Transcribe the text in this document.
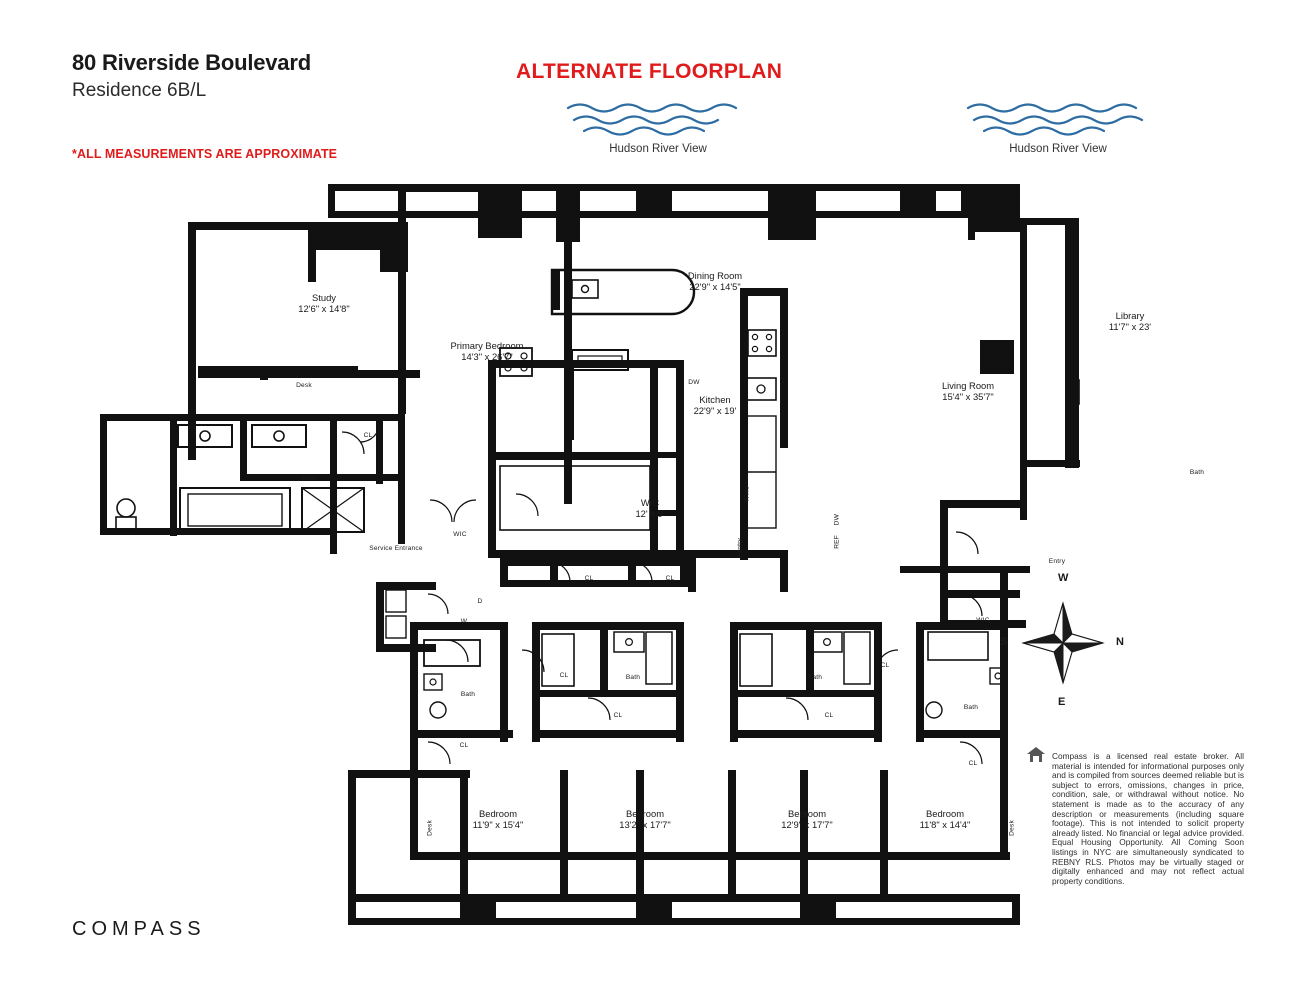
80 Riverside Boulevard
Residence 6B/L
*ALL MEASUREMENTS ARE APPROXIMATE
ALTERNATE FLOORPLAN
Hudson River View	Hudson River View
Study
12'6" x 14'8"
Dining Room
22'9" x 14'5"
Library
11'7" x 23'
Primary Bedroom
14'3" x 26'7"
Kitchen
22'9" x 19'
Living Room
15'4" x 35'7"
WIC
12' x 9'
Bedroom
11'9" x 15'4"
Bedroom
13'2" x 17'7"
Bedroom
12'9" x 17'7"
Bedroom
11'8" x 14'4"
Desk
Bath
CL
WIC
Service Entrance
DW
Wine
Pantry
DW
REF
Entry
Bath
CL	CL
W
D
Bath
CL
CL	Bath
CL
Bath
CL
CL
WIC
Bath
CL
Desk	Desk
W
N
E
S
Compass is a licensed real estate broker. All material is intended for informational purposes only and is compiled from sources deemed reliable but is subject to errors, omissions, changes in price, condition, sale, or withdrawal without notice. No statement is made as to the accuracy of any description or measurements (including square footage). This is not intended to solicit property already listed. No financial or legal advice provided. Equal Housing Opportunity. All Coming Soon listings in NYC are simultaneously syndicated to REBNY RLS. Photos may be virtually staged or digitally enhanced and may not reflect actual property conditions.
COMPASS
